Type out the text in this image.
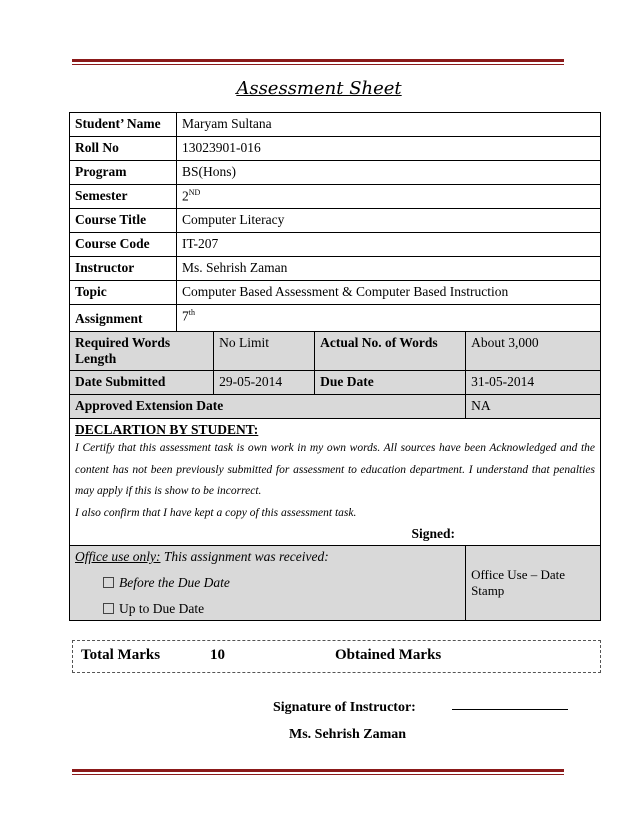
Assessment Sheet
Student’ Name	Maryam Sultana			
Roll No	13023901-016			
Program	BS(Hons)			
Semester	2ND
Course Title	Computer Literacy			
Course Code	IT-207			
Instructor	Ms. Sehrish Zaman			
Topic	Computer Based Assessment & Computer Based Instruction			
Assignment	7th
Required Words Length		No Limit	Actual No. of Words	About 3,000
Date Submitted		29-05-2014	Due Date	31-05-2014
Approved Extension Date				NA

DECLARTION BY STUDENT:
I Certify that this assessment task is own work in my own words. All sources have been Acknowledged and the content has not been previously submitted for assessment to education department. I understand that penalties may apply if this is show to be incorrect.
I also confirm that I have kept a copy of this assessment task.
Signed:				

Office use only: This assignment was received:
Before the Due Date
Up to Due Date				Office Use – Date Stamp
Total Marks	10	Obtained Marks
Signature of Instructor:
Ms. Sehrish Zaman
